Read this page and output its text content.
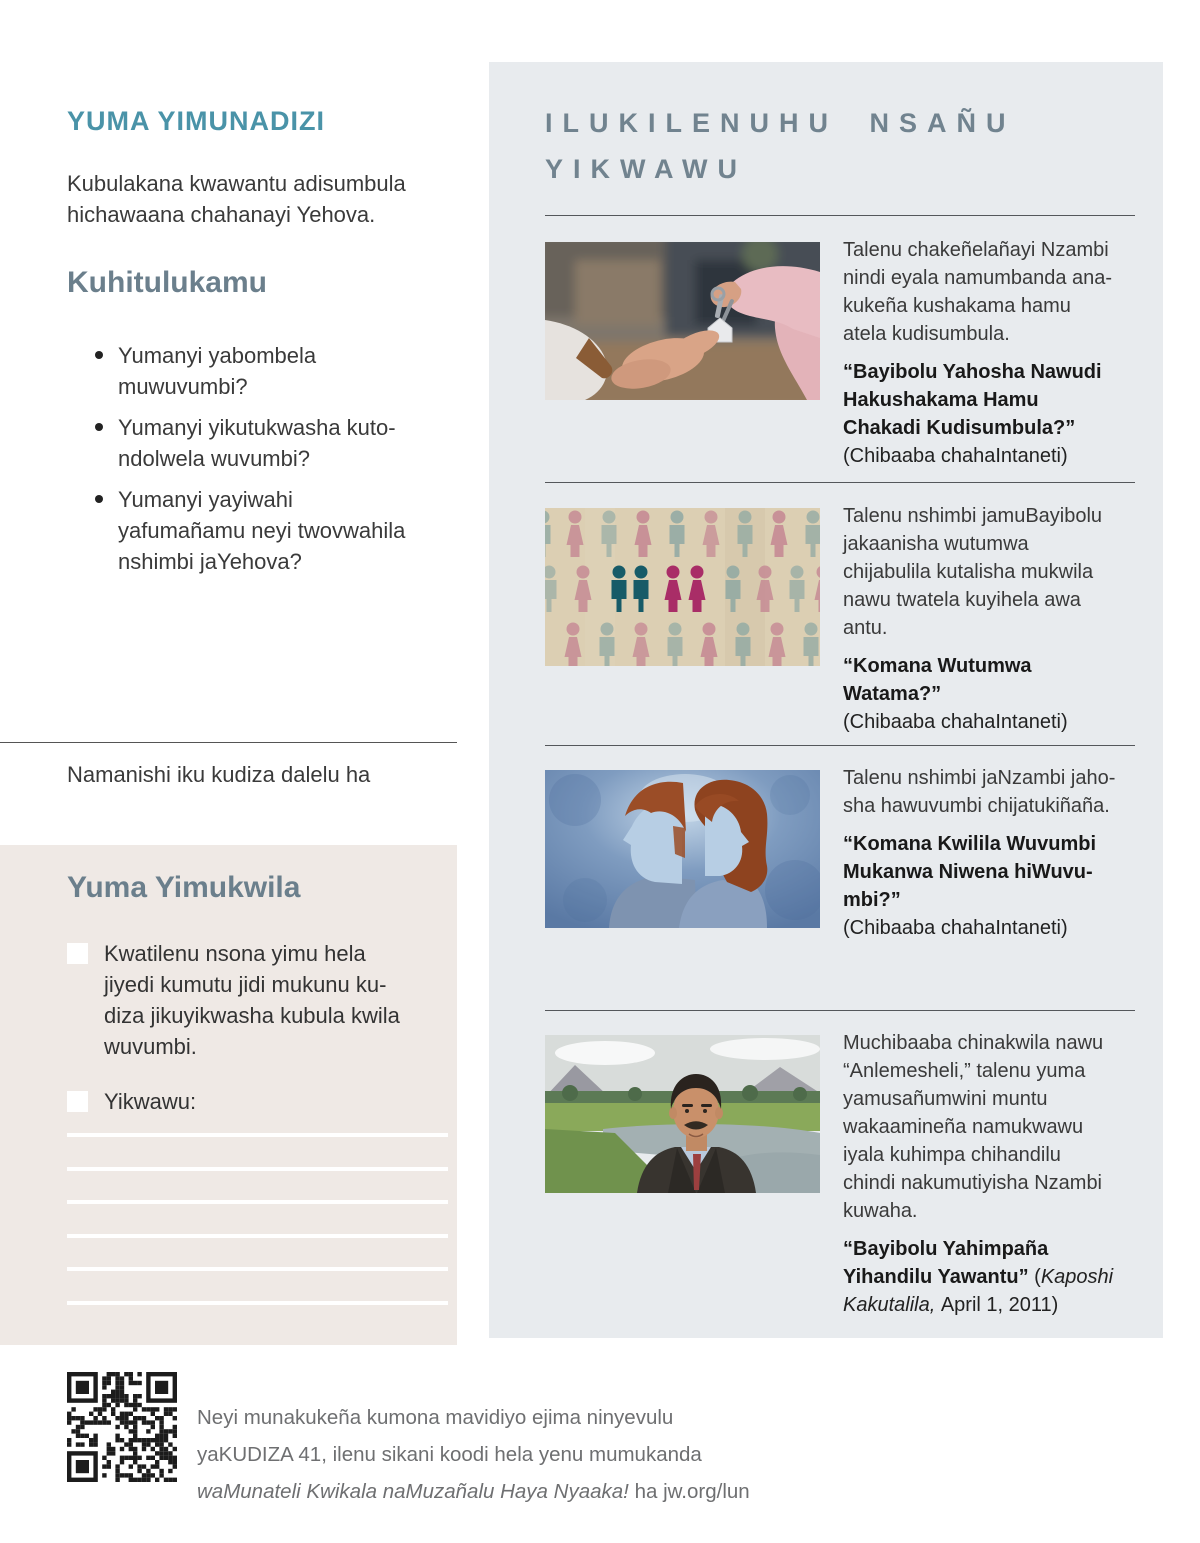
YUMA YIMUNADIZI

Kubulakana kwawantu adisumbula hichawaana chahanayi Yehova.

Kuhitulukamu
Yumanyi yabombela muwuvumbi?
Yumanyi yikutukwasha kutondolwela wuvumbi?
Yumanyi yayiwahi yafumañamu neyi twovwahila nshimbi jaYehova?

Namanishi iku kudiza dalelu ha

Yuma Yimukwila
Kwatilenu nsona yimu hela jiyedi kumutu jidi mukunu kudiza jikuyikwasha kubula kwila wuvumbi.
Yikwawu:
ILUKILENUHU NSAÑU YIKWAWU

Talenu chakeñelañayi Nzambi nindi eyala namumbanda anakukeña kushakama hamu atela kudisumbula.

“Bayibolu Yahosha Nawudi Hakushakama Hamu Chakadi Kudisumbula?”

(Chibaaba chahaIntaneti)

Talenu nshimbi jamuBayibolu jakaanisha wutumwa chijabulila kutalisha mukwila nawu twatela kuyihela awa antu.

“Komana Wutumwa Watama?”

(Chibaaba chahaIntaneti)

Talenu nshimbi jaNzambi jahosha hawuvumbi chijatukiñaña.

“Komana Kwilila Wuvumbi Mukanwa Niwena hiWuvumbi?”

(Chibaaba chahaIntaneti)

Muchibaaba chinakwila nawu “Anlemesheli,” talenu yuma yamusañumwini muntu wakaamineña namukwawu iyala kuhimpa chihandilu chindi nakumutiyisha Nzambi kuwaha.

“Bayibolu Yahimpaña Yihandilu Yawantu” (Kaposhi Kakutalila, April 1, 2011)

Neyi munakukeña kumona mavidiyo ejima ninyevulu
yaKUDIZA 41, ilenu sikani koodi hela yenu mumukanda
waMunateli Kwikala naMuzañalu Haya Nyaaka! ha jw.org/lun
